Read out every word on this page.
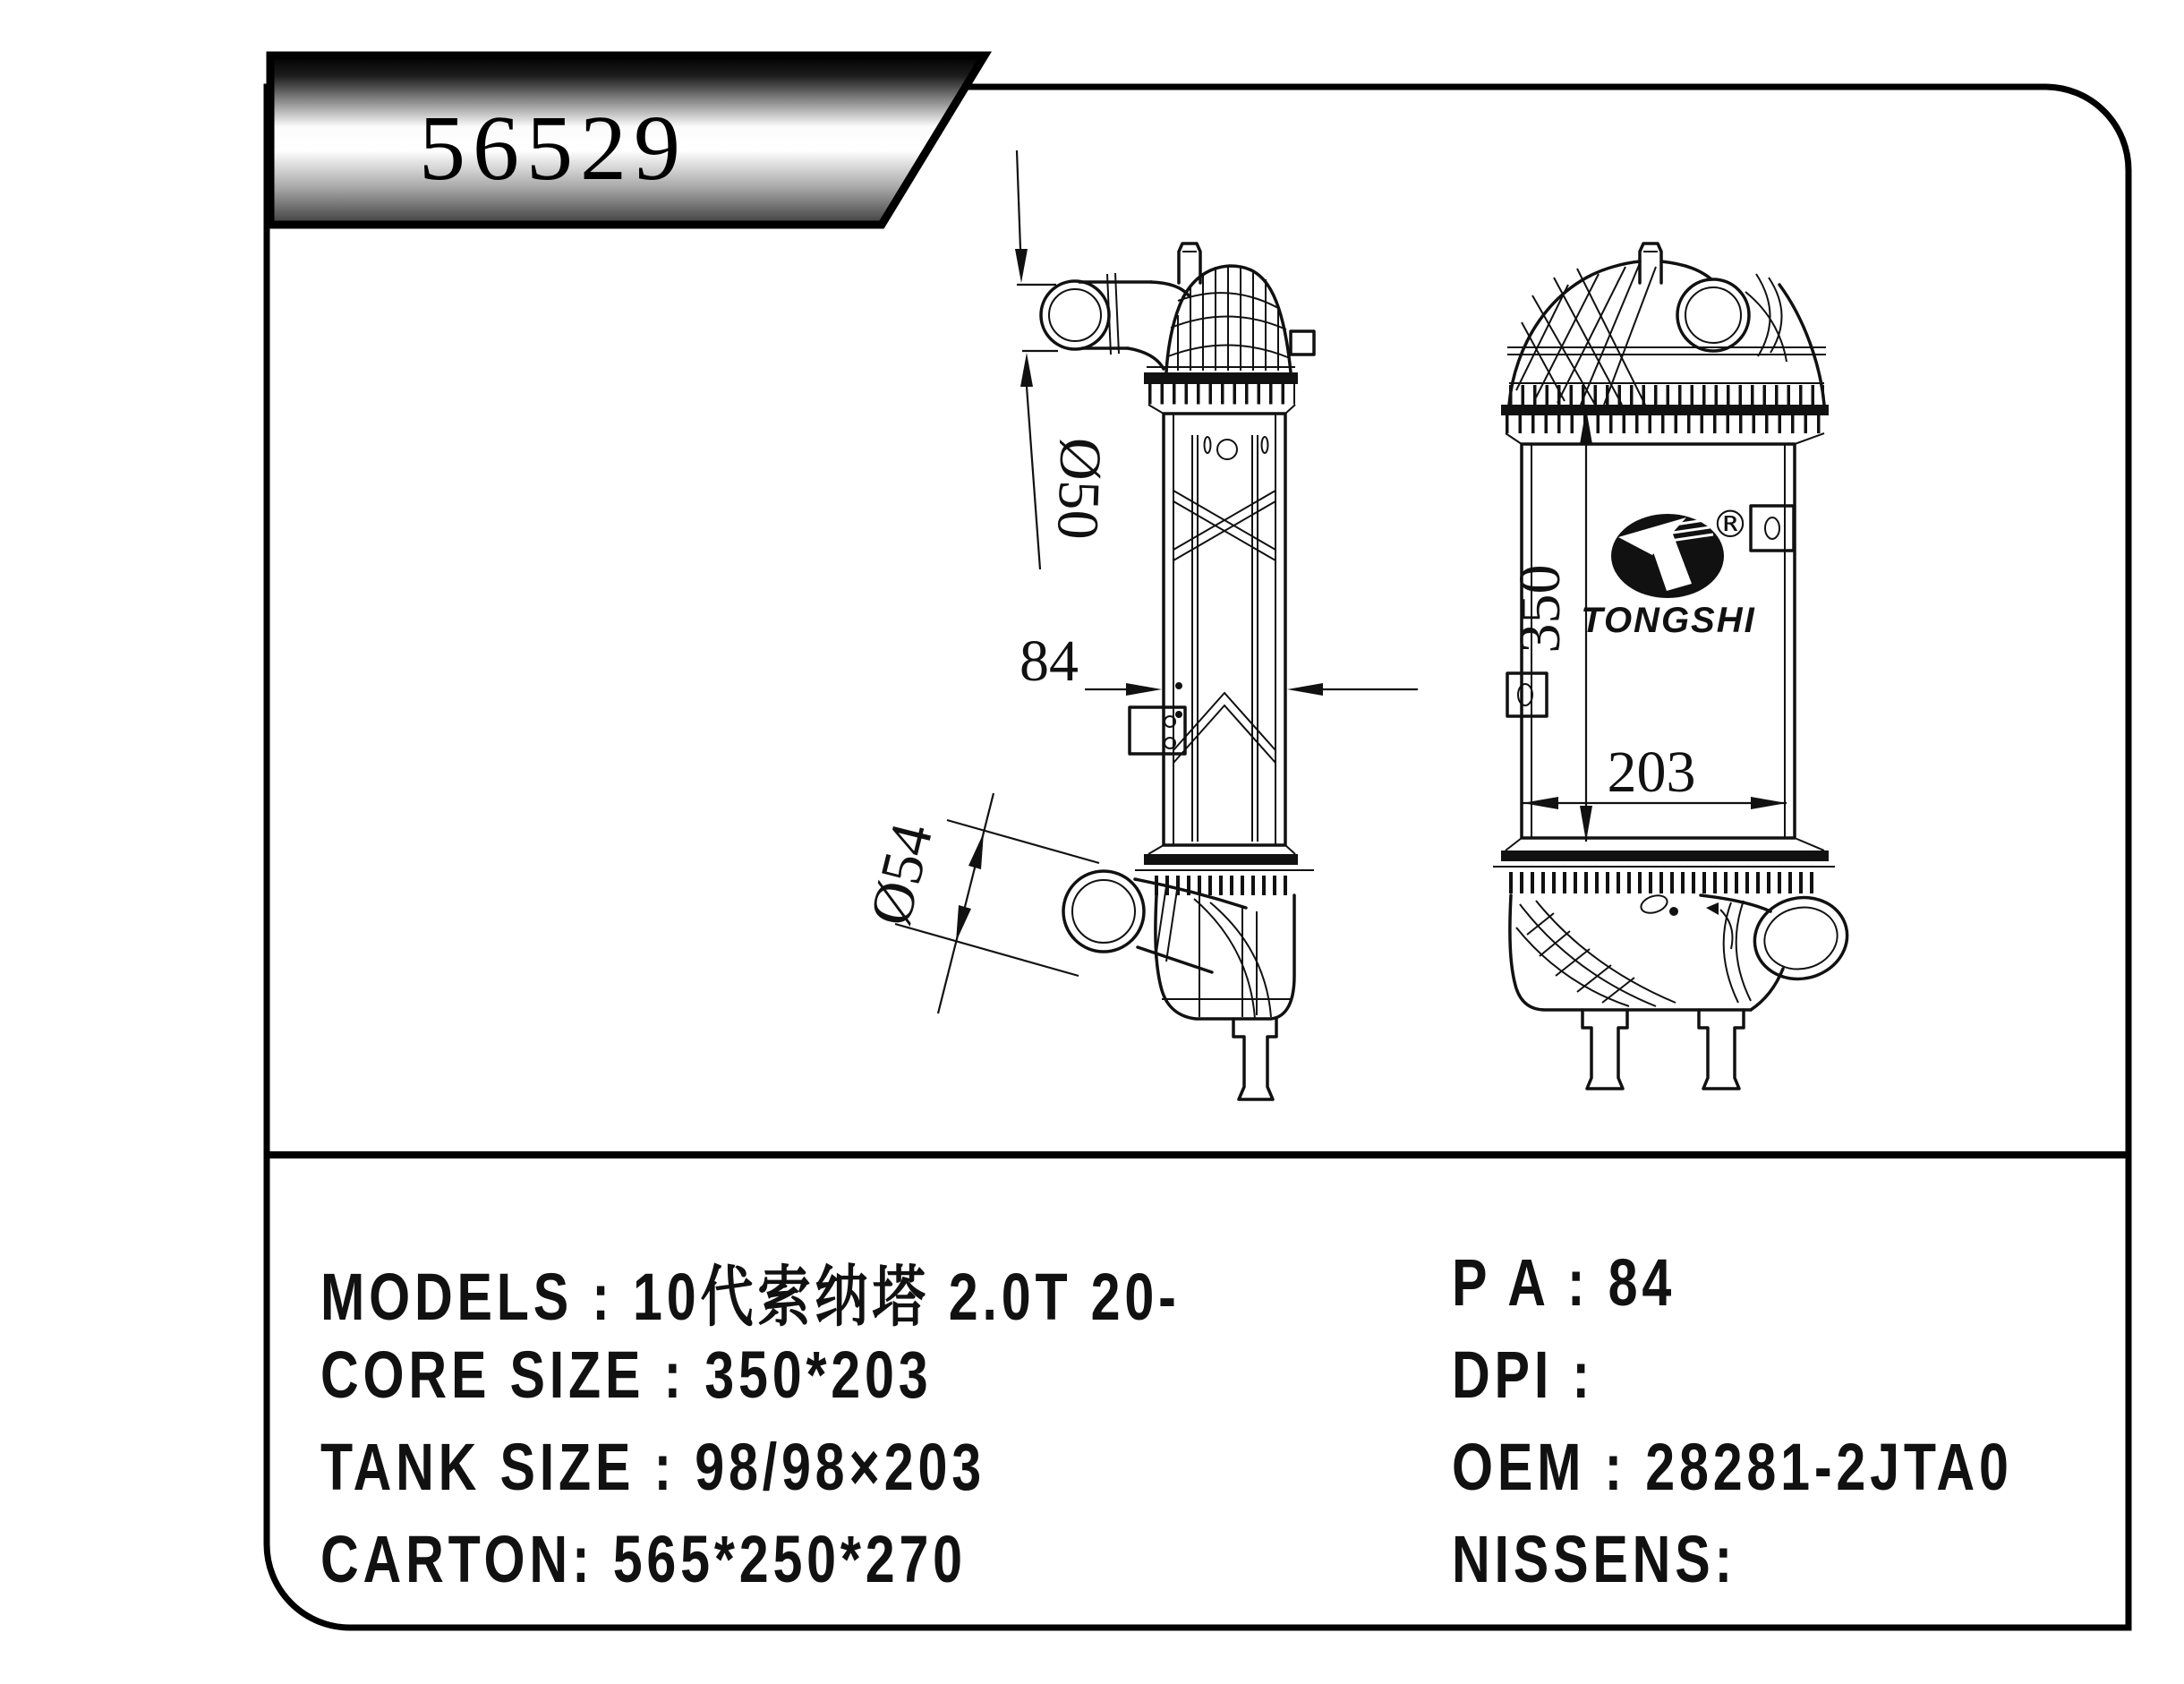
Ø50
84
Ø54
®
TONGSHI
350
203
56529
MODELS : 10代索纳塔 2.0T 20-
CORE SIZE : 350*203
TANK SIZE : 98/98×203
CARTON: 565*250*270
P A : 84
DPI :
OEM : 28281-2JTA0
NISSENS:
